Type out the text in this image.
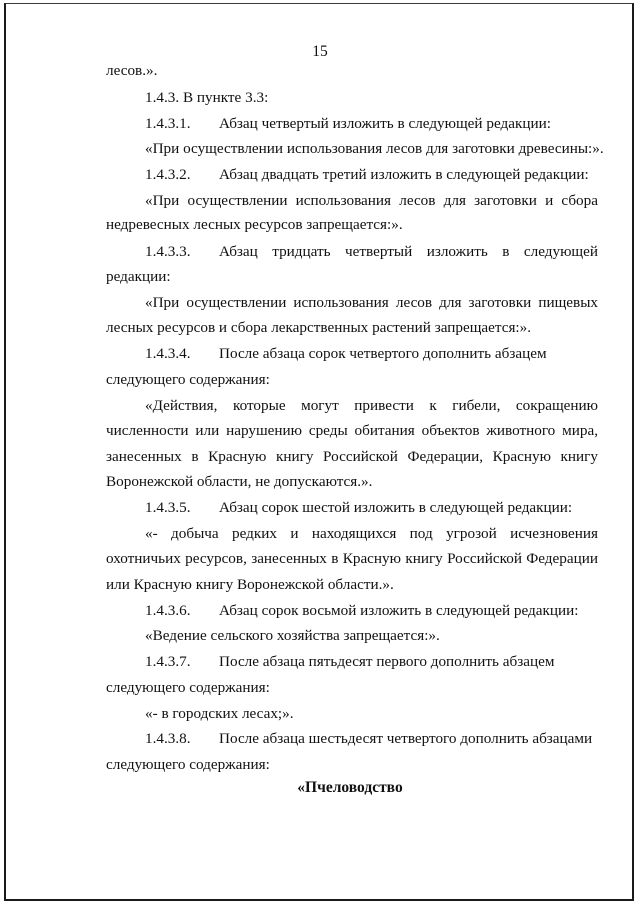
15
лесов.».
1.4.3. В пункте 3.3:
1.4.3.1. Абзац четвертый изложить в следующей редакции:
«При осуществлении использования лесов для заготовки древесины:».
1.4.3.2. Абзац двадцать третий изложить в следующей редакции:
«При осуществлении использования лесов для заготовки и сбора
недревесных лесных ресурсов запрещается:».
1.4.3.3. Абзац тридцать четвертый изложить в следующей
редакции:
«При осуществлении использования лесов для заготовки пищевых
лесных ресурсов и сбора лекарственных растений запрещается:».
1.4.3.4. После абзаца сорок четвертого дополнить абзацем
следующего содержания:
«Действия, которые могут привести к гибели, сокращению
численности или нарушению среды обитания объектов животного мира,
занесенных в Красную книгу Российской Федерации, Красную книгу
Воронежской области, не допускаются.».
1.4.3.5. Абзац сорок шестой изложить в следующей редакции:
«- добыча редких и находящихся под угрозой исчезновения
охотничьих ресурсов, занесенных в Красную книгу Российской Федерации
или Красную книгу Воронежской области.».
1.4.3.6. Абзац сорок восьмой изложить в следующей редакции:
«Ведение сельского хозяйства запрещается:».
1.4.3.7. После абзаца пятьдесят первого дополнить абзацем
следующего содержания:
«- в городских лесах;».
1.4.3.8. После абзаца шестьдесят четвертого дополнить абзацами
следующего содержания:
«Пчеловодство
